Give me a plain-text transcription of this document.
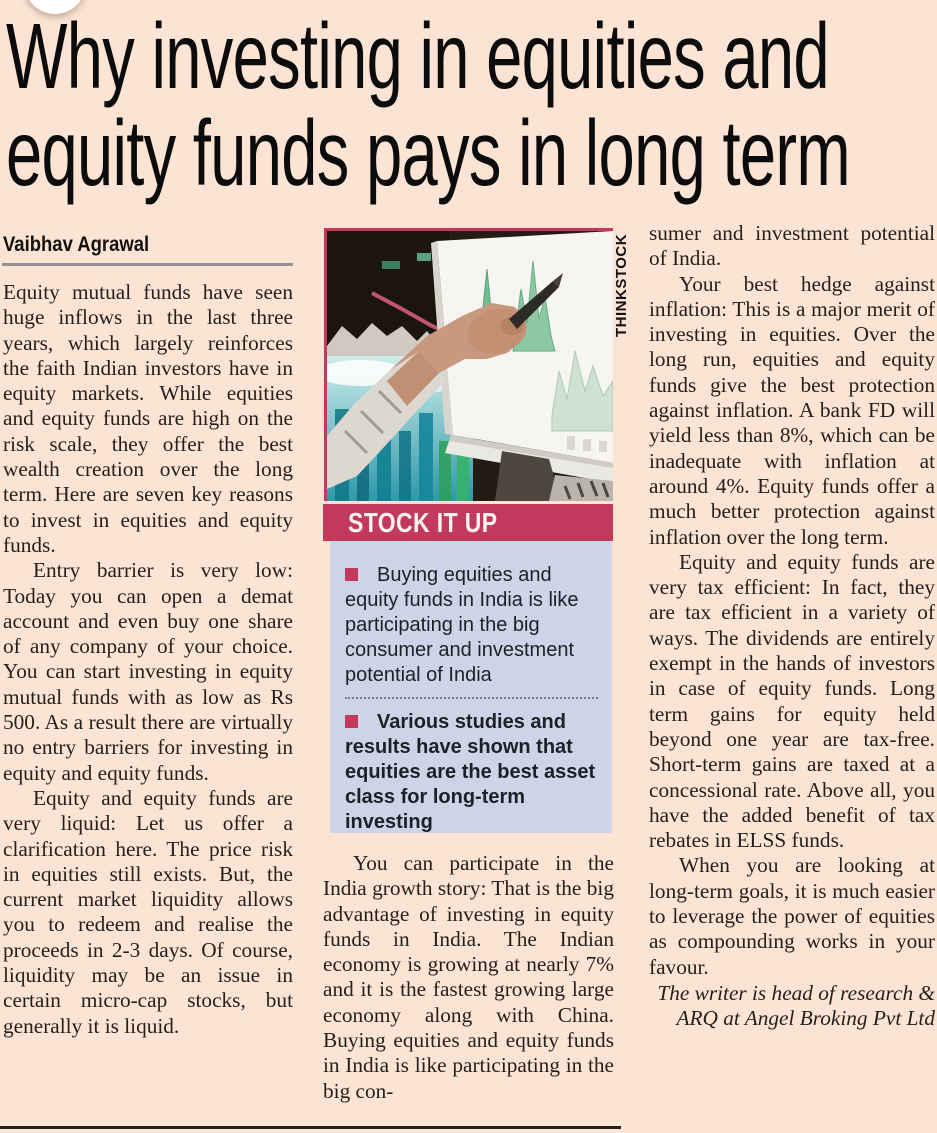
Why investing in equities and
equity funds pays in long term
Vaibhav Agrawal

Equity mutual funds have seen huge inflows in the last three years, which largely reinforces the faith Indian investors have in equity markets. While equities and equity funds are high on the risk scale, they offer the best wealth creation over the long term. Here are seven key reasons to invest in equities and equity funds.

Entry barrier is very low: Today you can open a demat account and even buy one share of any company of your choice. You can start investing in equity mutual funds with as low as Rs 500. As a result there are virtually no entry barriers for investing in equity and equity funds.

Equity and equity funds are very liquid: Let us offer a clarification here. The price risk in equities still exists. But, the current market liquidity allows you to redeem and realise the proceeds in 2-3 days. Of course, liquidity may be an issue in certain micro-cap stocks, but generally it is liquid.

THINKSTOCK
STOCK IT UP
Buying equities and equity funds in India is like participating in the big consumer and investment potential of India
Various studies and results have shown that equities are the best asset class for long-term investing

You can participate in the India growth story: That is the big advantage of investing in equity funds in India. The Indian economy is growing at nearly 7% and it is the fastest growing large economy along with China. Buying equities and equity funds in India is like participating in the big con-

sumer and investment potential of India.

Your best hedge against inflation: This is a major merit of investing in equities. Over the long run, equities and equity funds give the best protection against inflation. A bank FD will yield less than 8%, which can be inadequate with inflation at around 4%. Equity funds offer a much better protection against inflation over the long term.

Equity and equity funds are very tax efficient: In fact, they are tax efficient in a variety of ways. The dividends are entirely exempt in the hands of investors in case of equity funds. Long term gains for equity held beyond one year are tax-free. Short-term gains are taxed at a concessional rate. Above all, you have the added benefit of tax rebates in ELSS funds.

When you are looking at long-term goals, it is much easier to leverage the power of equities as compounding works in your favour.

The writer is head of research & ARQ at Angel Broking Pvt Ltd
